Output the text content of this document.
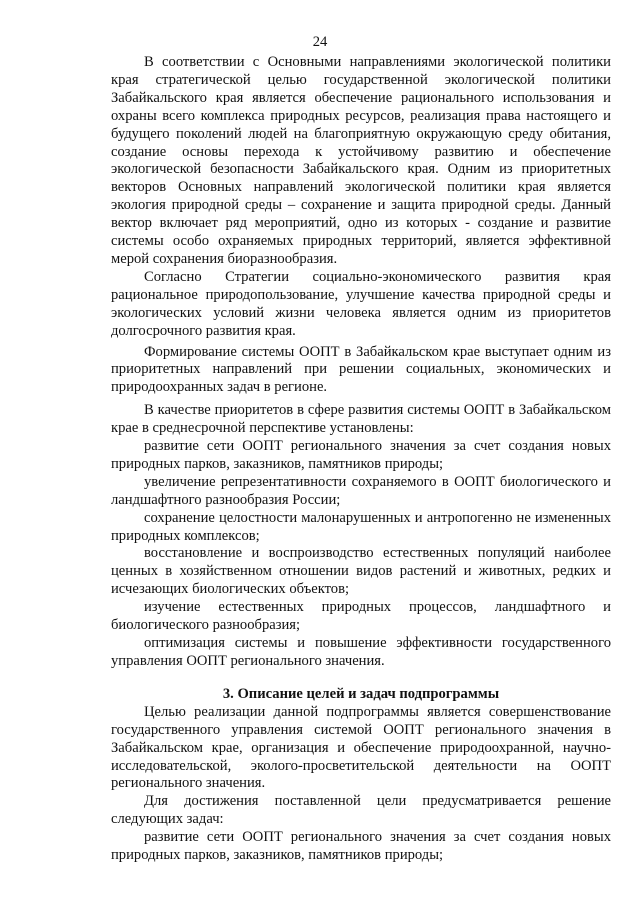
24

В соответствии с Основными направлениями экологической политики края стратегической целью государственной экологической политики Забайкальского края является обеспечение рационального использования и охраны всего комплекса природных ресурсов, реализация права настоящего и будущего поколений людей на благоприятную окружающую среду обитания, создание основы перехода к устойчивому развитию и обеспечение экологической безопасности Забайкальского края. Одним из приоритетных векторов Основных направлений экологической политики края является экология природной среды – сохранение и защита природной среды. Данный вектор включает ряд мероприятий, одно из которых - создание и развитие системы особо охраняемых природных территорий, является эффективной мерой сохранения биоразнообразия.

Согласно Стратегии социально-экономического развития края рациональное природопользование, улучшение качества природной среды и экологических условий жизни человека является одним из приоритетов долгосрочного развития края.

Формирование системы ООПТ в Забайкальском крае выступает одним из приоритетных направлений при решении социальных, экономических и природоохранных задач в регионе.

В качестве приоритетов в сфере развития системы ООПТ в Забайкальском крае в среднесрочной перспективе установлены:

развитие сети ООПТ регионального значения за счет создания новых природных парков, заказников, памятников природы;

увеличение репрезентативности сохраняемого в ООПТ биологического и ландшафтного разнообразия России;

сохранение целостности малонарушенных и антропогенно не измененных природных комплексов;

восстановление и воспроизводство естественных популяций наиболее ценных в хозяйственном отношении видов растений и животных, редких и исчезающих биологических объектов;

изучение естественных природных процессов, ландшафтного и биологического разнообразия;

оптимизация системы и повышение эффективности государственного управления ООПТ регионального значения.

3. Описание целей и задач подпрограммы

Целью реализации данной подпрограммы является совершенствование государственного управления системой ООПТ регионального значения в Забайкальском крае, организация и обеспечение природоохранной, научно-исследовательской, эколого-просветительской деятельности на ООПТ регионального значения.

Для достижения поставленной цели предусматривается решение следующих задач:

развитие сети ООПТ регионального значения за счет создания новых природных парков, заказников, памятников природы;
